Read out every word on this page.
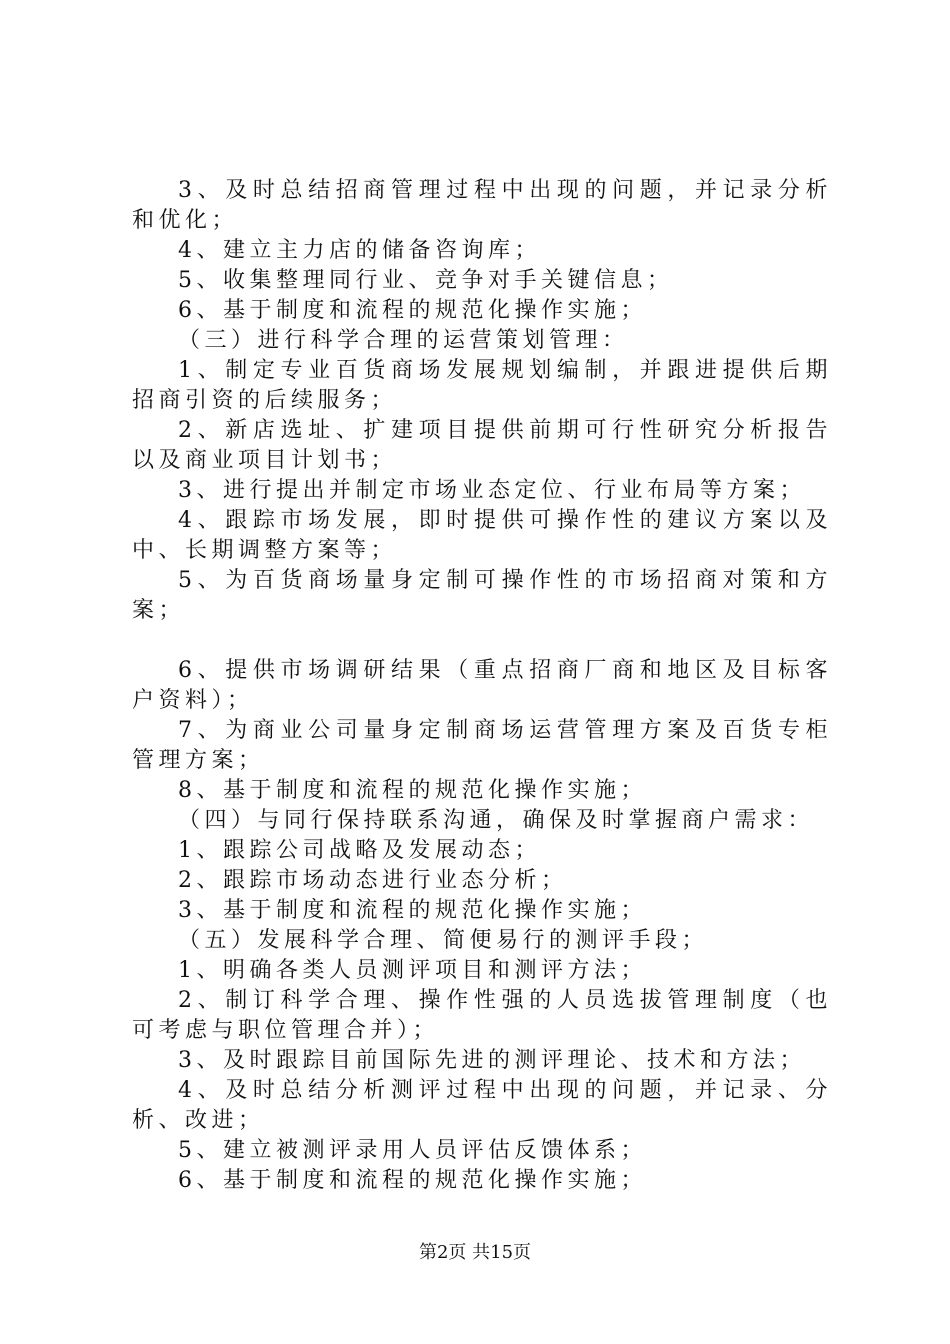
3、及时总结招商管理过程中出现的问题，并记录分析和优化；

4、建立主力店的储备咨询库；

5、收集整理同行业、竞争对手关键信息；

6、基于制度和流程的规范化操作实施；

（三）进行科学合理的运营策划管理：

1、制定专业百货商场发展规划编制，并跟进提供后期招商引资的后续服务；

2、新店选址、扩建项目提供前期可行性研究分析报告以及商业项目计划书；

3、进行提出并制定市场业态定位、行业布局等方案；

4、跟踪市场发展，即时提供可操作性的建议方案以及中、长期调整方案等；

5、为百货商场量身定制可操作性的市场招商对策和方案；

6、提供市场调研结果（重点招商厂商和地区及目标客户资料）；

7、为商业公司量身定制商场运营管理方案及百货专柜管理方案；

8、基于制度和流程的规范化操作实施；

（四）与同行保持联系沟通，确保及时掌握商户需求：

1、跟踪公司战略及发展动态；

2、跟踪市场动态进行业态分析；

3、基于制度和流程的规范化操作实施；

（五）发展科学合理、简便易行的测评手段；

1、明确各类人员测评项目和测评方法；

2、制订科学合理、操作性强的人员选拔管理制度（也可考虑与职位管理合并）；

3、及时跟踪目前国际先进的测评理论、技术和方法；

4、及时总结分析测评过程中出现的问题，并记录、分析、改进；

5、建立被测评录用人员评估反馈体系；

6、基于制度和流程的规范化操作实施；

第2页 共15页
